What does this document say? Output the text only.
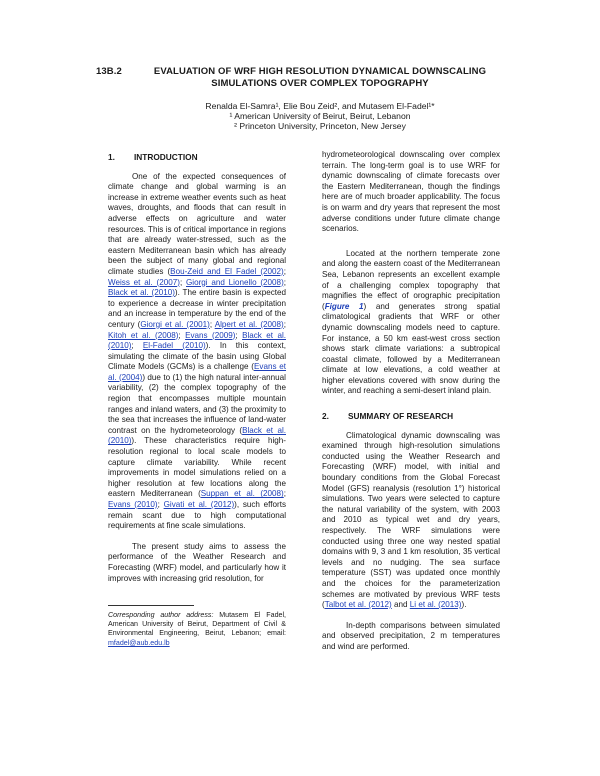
13B.2	EVALUATION OF WRF HIGH RESOLUTION DYNAMICAL DOWNSCALING
SIMULATIONS OVER COMPLEX TOPOGRAPHY
Renalda El-Samra¹, Elie Bou Zeid², and Mutasem El-Fadel¹*
¹ American University of Beirut, Beirut, Lebanon
² Princeton University, Princeton, New Jersey
1.	INTRODUCTION

One of the expected consequences of climate change and global warming is an increase in extreme weather events such as heat waves, droughts, and floods that can result in adverse effects on agriculture and water resources. This is of critical importance in regions that are already water-stressed, such as the eastern Mediterranean basin which has already been the subject of many global and regional climate studies (Bou-Zeid and El Fadel (2002); Weiss et al. (2007); Giorgi and Lionello (2008); Black et al. (2010)). The entire basin is expected to experience a decrease in winter precipitation and an increase in temperature by the end of the century (Giorgi et al. (2001); Alpert et al. (2008); Kitoh et al. (2008); Evans (2009); Black et al. (2010); El-Fadel (2010)). In this context, simulating the climate of the basin using Global Climate Models (GCMs) is a challenge (Evans et al. (2004)) due to (1) the high natural inter-annual variability, (2) the complex topography of the region that encompasses multiple mountain ranges and inland waters, and (3) the proximity to the sea that increases the influence of land-water contrast on the hydrometeorology (Black et al. (2010)). These characteristics require high-resolution regional to local scale models to capture climate variability. While recent improvements in model simulations relied on a higher resolution at few locations along the eastern Mediterranean (Suppan et al. (2008); Evans (2010); Givati et al. (2012)), such efforts remain scant due to high computational requirements at fine scale simulations.

The present study aims to assess the performance of the Weather Research and Forecasting (WRF) model, and particularly how it improves with increasing grid resolution, for

Corresponding author address: Mutasem El Fadel, American University of Beirut, Department of Civil & Environmental Engineering, Beirut, Lebanon; email: mfadel@aub.edu.lb

hydrometeorological downscaling over complex terrain. The long-term goal is to use WRF for dynamic downscaling of climate forecasts over the Eastern Mediterranean, though the findings here are of much broader applicability. The focus is on warm and dry years that represent the most adverse conditions under future climate change scenarios.

Located at the northern temperate zone and along the eastern coast of the Mediterranean Sea, Lebanon represents an excellent example of a challenging complex topography that magnifies the effect of orographic precipitation (Figure 1) and generates strong spatial climatological gradients that WRF or other dynamic downscaling models need to capture. For instance, a 50 km east-west cross section shows stark climate variations: a subtropical coastal climate, followed by a Mediterranean climate at low elevations, a cold weather at higher elevations covered with snow during the winter, and reaching a semi-desert inland plain.

2.	SUMMARY OF RESEARCH

Climatological dynamic downscaling was examined through high-resolution simulations conducted using the Weather Research and Forecasting (WRF) model, with initial and boundary conditions from the Global Forecast Model (GFS) reanalysis (resolution 1°) historical simulations. Two years were selected to capture the natural variability of the system, with 2003 and 2010 as typical wet and dry years, respectively. The WRF simulations were conducted using three one way nested spatial domains with 9, 3 and 1 km resolution, 35 vertical levels and no nudging. The sea surface temperature (SST) was updated once monthly and the choices for the parameterization schemes are motivated by previous WRF tests (Talbot et al. (2012) and Li et al. (2013)).

In-depth comparisons between simulated and observed precipitation, 2 m temperatures and wind are performed.
